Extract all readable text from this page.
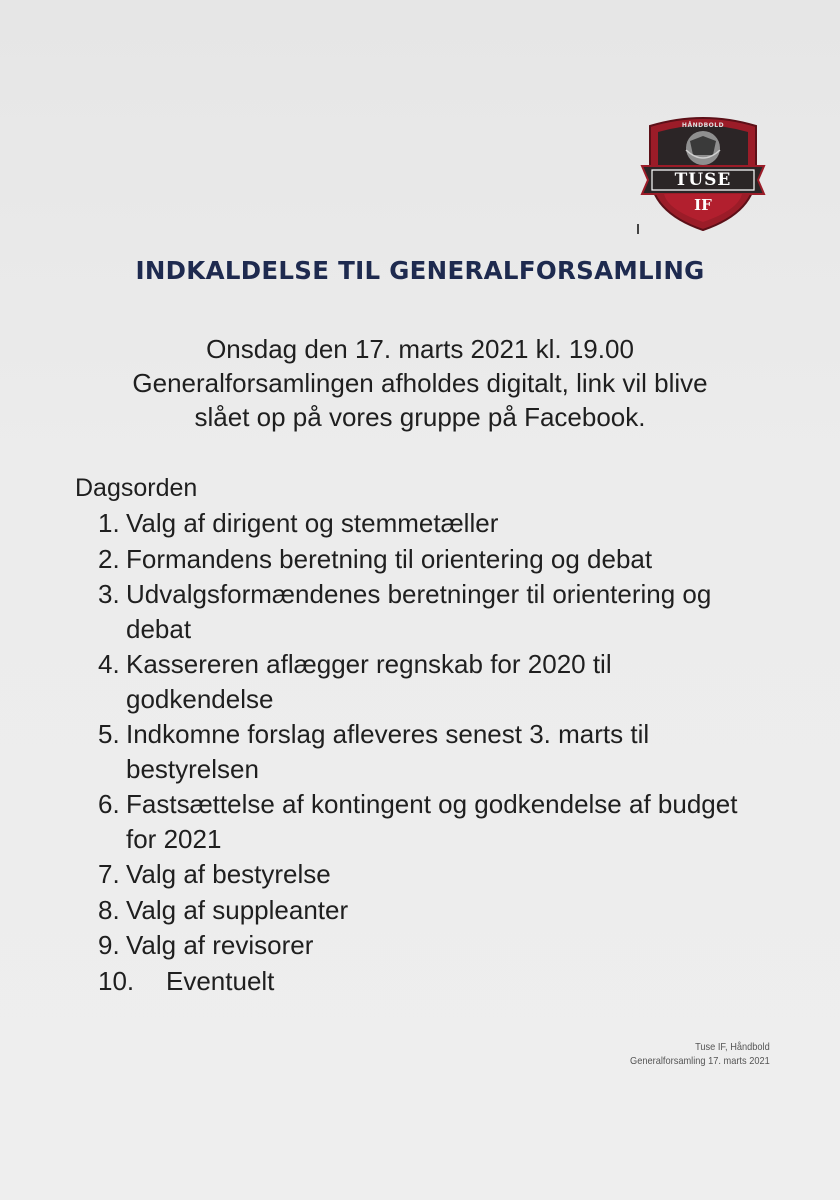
HÅNDBOLD
TUSE
IF
INDKALDELSE TIL GENERALFORSAMLING
Onsdag den 17. marts 2021 kl. 19.00
Generalforsamlingen afholdes digitalt, link vil blive
slået op på vores gruppe på Facebook.
Dagsorden
1. Valg af dirigent og stemmetæller
2. Formandens beretning til orientering og debat
3. Udvalgsformændenes beretninger til orientering og debat
4. Kassereren aflægger regnskab for 2020 til godkendelse
5. Indkomne forslag afleveres senest 3. marts til bestyrelsen
6. Fastsættelse af kontingent og godkendelse af budget for 2021
7. Valg af bestyrelse
8. Valg af suppleanter
9. Valg af revisorer
10. Eventuelt
Tuse IF, Håndbold
Generalforsamling 17. marts 2021
